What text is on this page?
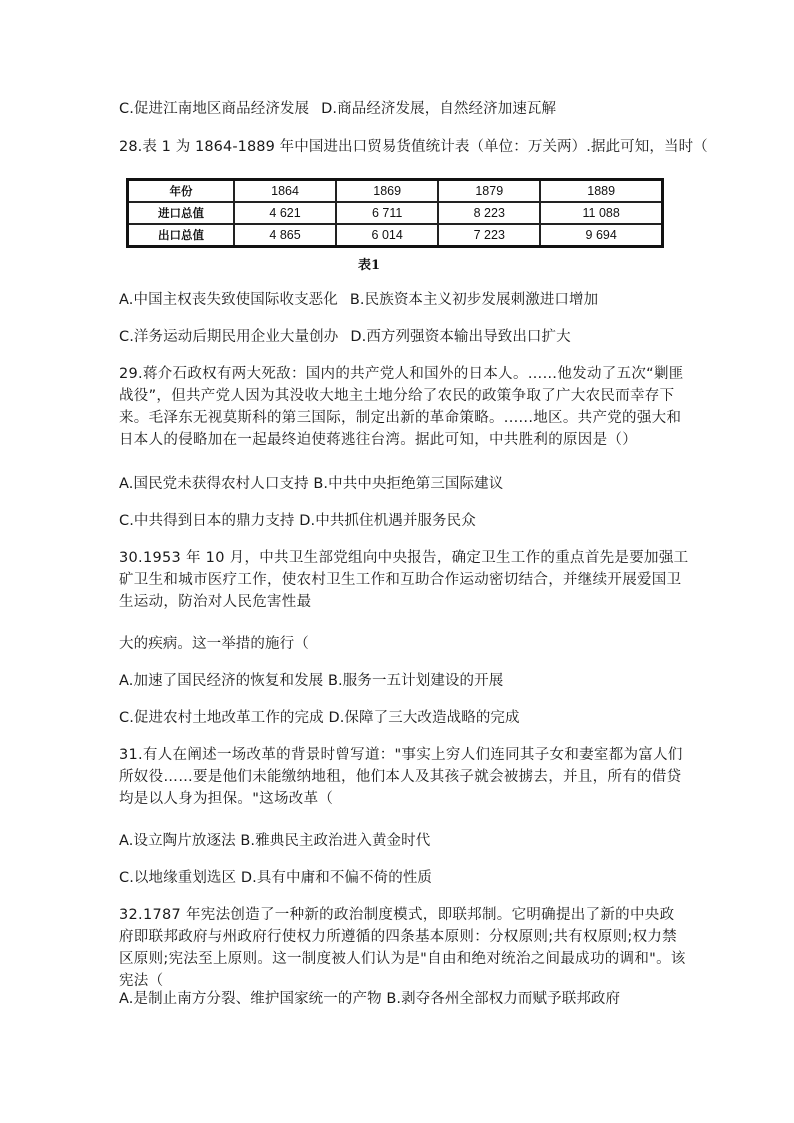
C.促进江南地区商品经济发展 D.商品经济发展，自然经济加速瓦解
28.表 1 为 1864-1889 年中国进出口贸易货值统计表（单位：万关两）.据此可知，当时（
年份	1864	1869	1879	1889
进口总值	4 621	6 711	8 223	11 088
出口总值	4 865	6 014	7 223	9 694
表1
A.中国主权丧失致使国际收支恶化 B.民族资本主义初步发展刺激进口增加
C.洋务运动后期民用企业大量创办 D.西方列强资本输出导致出口扩大
29.蒋介石政权有两大死敌：国内的共产党人和国外的日本人。……他发动了五次“剿匪战役”，但共产党人因为其没收大地主土地分给了农民的政策争取了广大农民而幸存下来。毛泽东无视莫斯科的第三国际，制定出新的革命策略。......地区。共产党的强大和日本人的侵略加在一起最终迫使蒋逃往台湾。据此可知，中共胜利的原因是（）
A.国民党未获得农村人口支持 B.中共中央拒绝第三国际建议
C.中共得到日本的鼎力支持 D.中共抓住机遇并服务民众
30.1953 年 10 月，中共卫生部党组向中央报告，确定卫生工作的重点首先是要加强工矿卫生和城市医疗工作，使农村卫生工作和互助合作运动密切结合，并继续开展爱国卫生运动，防治对人民危害性最
大的疾病。这一举措的施行（
A.加速了国民经济的恢复和发展 B.服务一五计划建设的开展
C.促进农村土地改革工作的完成 D.保障了三大改造战略的完成
31.有人在阐述一场改革的背景时曾写道："事实上穷人们连同其子女和妻室都为富人们所奴役……要是他们未能缴纳地租，他们本人及其孩子就会被掳去，并且，所有的借贷均是以人身为担保。"这场改革（
A.设立陶片放逐法 B.雅典民主政治进入黄金时代
C.以地缘重划选区 D.具有中庸和不偏不倚的性质
32.1787 年宪法创造了一种新的政治制度模式，即联邦制。它明确提出了新的中央政府即联邦政府与州政府行使权力所遵循的四条基本原则：分权原则;共有权原则;权力禁区原则;宪法至上原则。这一制度被人们认为是"自由和绝对统治之间最成功的调和"。该宪法（
A.是制止南方分裂、维护国家统一的产物 B.剥夺各州全部权力而赋予联邦政府
